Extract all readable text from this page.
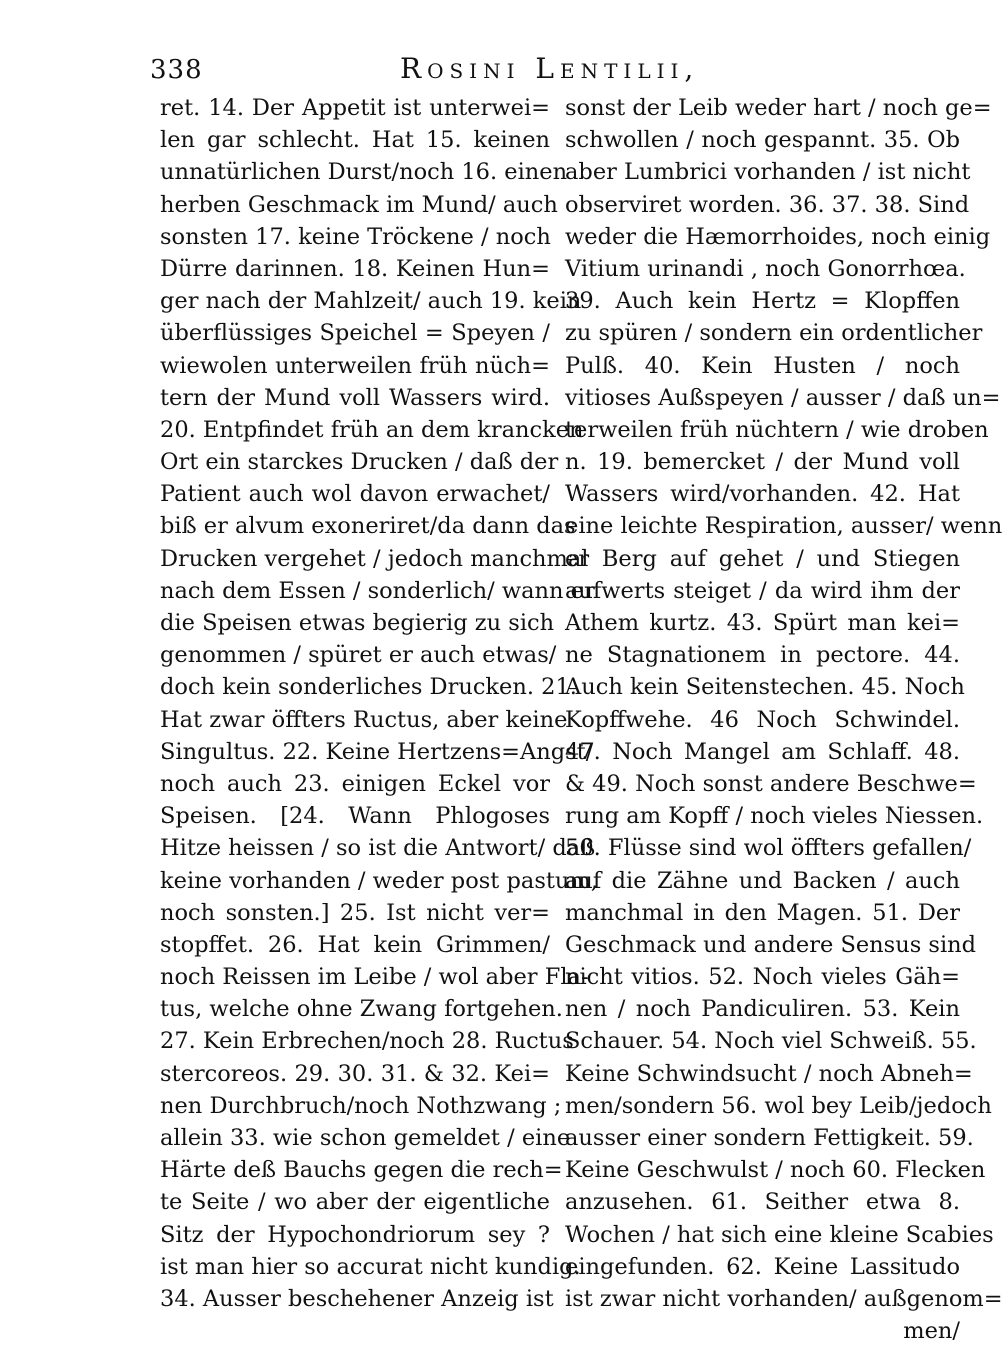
338	Rosini Lentilii,
ret. 14. Der Appetit ist unterwei=
len gar schlecht. Hat 15. keinen
unnatürlichen Durst/noch 16. einen
herben Geschmack im Mund/ auch
sonsten 17. keine Tröckene / noch
Dürre darinnen. 18. Keinen Hun=
ger nach der Mahlzeit/ auch 19. kein
überflüssiges Speichel = Speyen /
wiewolen unterweilen früh nüch=
tern der Mund voll Wassers wird.
20. Entpfindet früh an dem krancken
Ort ein starckes Drucken / daß der
Patient auch wol davon erwachet/
biß er alvum exoneriret/da dann das
Drucken vergehet / jedoch manchmal
nach dem Essen / sonderlich/ wann er
die Speisen etwas begierig zu sich
genommen / spüret er auch etwas/
doch kein sonderliches Drucken. 21.
Hat zwar öffters Ructus, aber keine
Singultus. 22. Keine Hertzens=Angst/
noch auch 23. einigen Eckel vor
Speisen. [24. Wann Phlogoses
Hitze heissen / so ist die Antwort/ daß
keine vorhanden / weder post pastum,
noch sonsten.] 25. Ist nicht ver=
stopffet. 26. Hat kein Grimmen/
noch Reissen im Leibe / wol aber Fla-
tus, welche ohne Zwang fortgehen.
27. Kein Erbrechen/noch 28. Ructus
stercoreos. 29. 30. 31. & 32. Kei=
nen Durchbruch/noch Nothzwang ;
allein 33. wie schon gemeldet / eine
Härte deß Bauchs gegen die rech=
te Seite / wo aber der eigentliche
Sitz der Hypochondriorum sey ?
ist man hier so accurat nicht kundig.
34. Ausser beschehener Anzeig ist
sonst der Leib weder hart / noch ge=
schwollen / noch gespannt. 35. Ob
aber Lumbrici vorhanden / ist nicht
observiret worden. 36. 37. 38. Sind
weder die Hæmorrhoides, noch einig
Vitium urinandi , noch Gonorrhœa.
39. Auch kein Hertz = Klopffen
zu spüren / sondern ein ordentlicher
Pulß. 40. Kein Husten / noch
vitioses Außspeyen / ausser / daß un=
terweilen früh nüchtern / wie droben
n. 19. bemercket / der Mund voll
Wassers wird/vorhanden. 42. Hat
eine leichte Respiration, ausser/ wenn
er Berg auf gehet / und Stiegen
aufwerts steiget / da wird ihm der
Athem kurtz. 43. Spürt man kei=
ne Stagnationem in pectore. 44.
Auch kein Seitenstechen. 45. Noch
Kopffwehe. 46 Noch Schwindel.
47. Noch Mangel am Schlaff. 48.
& 49. Noch sonst andere Beschwe=
rung am Kopff / noch vieles Niessen.
50. Flüsse sind wol öffters gefallen/
auf die Zähne und Backen / auch
manchmal in den Magen. 51. Der
Geschmack und andere Sensus sind
nicht vitios. 52. Noch vieles Gäh=
nen / noch Pandiculiren. 53. Kein
Schauer. 54. Noch viel Schweiß. 55.
Keine Schwindsucht / noch Abneh=
men/sondern 56. wol bey Leib/jedoch
ausser einer sondern Fettigkeit. 59.
Keine Geschwulst / noch 60. Flecken
anzusehen. 61. Seither etwa 8.
Wochen / hat sich eine kleine Scabies
eingefunden. 62. Keine Lassitudo
ist zwar nicht vorhanden/ außgenom=
men/
